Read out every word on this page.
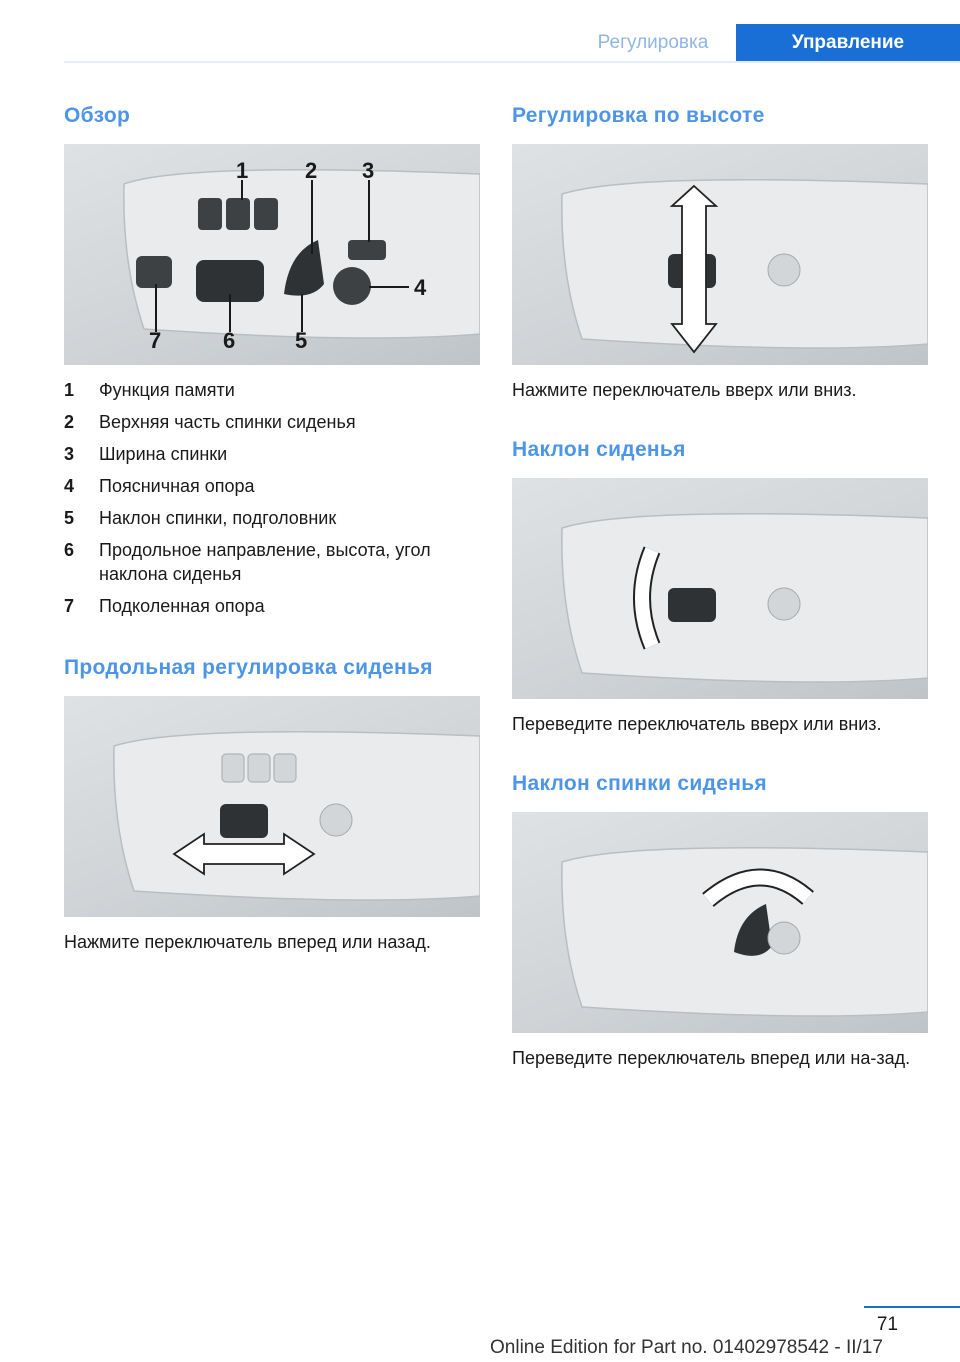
Регулировка	Управление
Обзор
1	2 3
4
5
6
7
1 Функция памяти
2 Верхняя часть спинки сиденья
3 Ширина спинки
4 Поясничная опора
5 Наклон спинки, подголовник
6 Продольное направление, высота, угол наклона сиденья
7 Подколенная опора
Продольная регулировка сиденья
Нажмите переключатель вперед или назад.
Регулировка по высоте
Нажмите переключатель вверх или вниз.
Наклон сиденья
Переведите переключатель вверх или вниз.
Наклон спинки сиденья
Переведите переключатель вперед или на-зад.
71
Online Edition for Part no. 01402978542 - II/17
